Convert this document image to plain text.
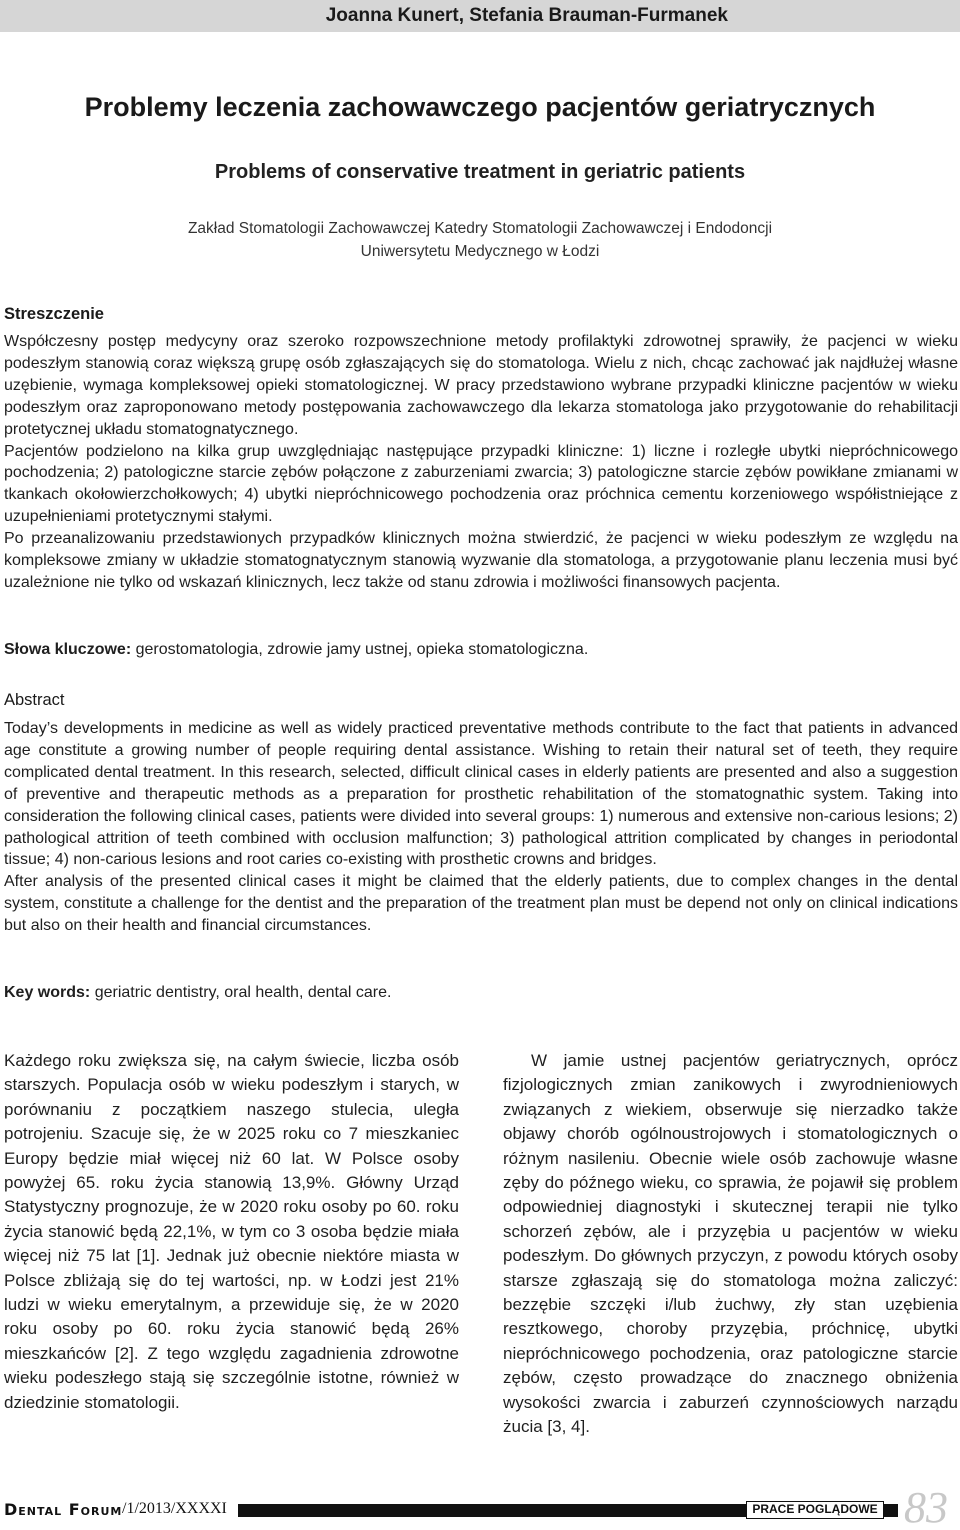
Joanna Kunert, Stefania Brauman-Furmanek
Problemy leczenia zachowawczego pacjentów geriatrycznych
Problems of conservative treatment in geriatric patients
Zakład Stomatologii Zachowawczej Katedry Stomatologii Zachowawczej i Endodoncji
Uniwersytetu Medycznego w Łodzi
Streszczenie

Współczesny postęp medycyny oraz szeroko rozpowszechnione metody profilaktyki zdrowotnej sprawiły, że pacjenci w wieku podeszłym stanowią coraz większą grupę osób zgłaszających się do stomatologa. Wielu z nich, chcąc zachować jak najdłużej własne uzębienie, wymaga kompleksowej opieki stomatologicznej. W pracy przedstawiono wybrane przypadki kliniczne pacjentów w wieku podeszłym oraz zaproponowano metody postępowania zachowawczego dla lekarza stomatologa jako przygotowanie do rehabilitacji protetycznej układu stomatognatycznego.

Pacjentów podzielono na kilka grup uwzględniając następujące przypadki kliniczne: 1) liczne i rozległe ubytki niepróchnicowego pochodzenia; 2) patologiczne starcie zębów połączone z zaburzeniami zwarcia; 3) patologiczne starcie zębów powikłane zmianami w tkankach okołowierzchołkowych; 4) ubytki niepróchnicowego pochodzenia oraz próchnica cementu korzeniowego współistniejące z uzupełnieniami protetycznymi stałymi.

Po przeanalizowaniu przedstawionych przypadków klinicznych można stwierdzić, że pacjenci w wieku podeszłym ze względu na kompleksowe zmiany w układzie stomatognatycznym stanowią wyzwanie dla stomatologa, a przygotowanie planu leczenia musi być uzależnione nie tylko od wskazań klinicznych, lecz także od stanu zdrowia i możliwości finansowych pacjenta.

Słowa kluczowe: gerostomatologia, zdrowie jamy ustnej, opieka stomatologiczna.
Abstract

Today’s developments in medicine as well as widely practiced preventative methods contribute to the fact that patients in advanced age constitute a growing number of people requiring dental assistance. Wishing to retain their natural set of teeth, they require complicated dental treatment. In this research, selected, difficult clinical cases in elderly patients are presented and also a suggestion of preventive and therapeutic methods as a preparation for prosthetic rehabilitation of the stomatognathic system. Taking into consideration the following clinical cases, patients were divided into several groups: 1) numerous and extensive non-carious lesions; 2) pathological attrition of teeth combined with occlusion malfunction; 3) pathological attrition complicated by changes in periodontal tissue; 4) non-carious lesions and root caries co-existing with prosthetic crowns and bridges.

After analysis of the presented clinical cases it might be claimed that the elderly patients, due to complex changes in the dental system, constitute a challenge for the dentist and the preparation of the treatment plan must be depend not only on clinical indications but also on their health and financial circumstances.

Key words: geriatric dentistry, oral health, dental care.
Każdego roku zwiększa się, na całym świecie, liczba osób starszych. Populacja osób w wieku podeszłym i starych, w porównaniu z początkiem naszego stulecia, uległa potrojeniu. Szacuje się, że w 2025 roku co 7 mieszkaniec Europy będzie miał więcej niż 60 lat. W Polsce osoby powyżej 65. roku życia stanowią 13,9%. Główny Urząd Statystyczny prognozuje, że w 2020 roku osoby po 60. roku życia stanowić będą 22,1%, w tym co 3 osoba będzie miała więcej niż 75 lat [1]. Jednak już obecnie niektóre miasta w Polsce zbliżają się do tej wartości, np. w Łodzi jest 21% ludzi w wieku emerytalnym, a przewiduje się, że w 2020 roku osoby po 60. roku życia stanowić będą 26% mieszkańców [2]. Z tego względu zagadnienia zdrowotne wieku podeszłego stają się szczególnie istotne, również w dziedzinie stomatologii.
W jamie ustnej pacjentów geriatrycznych, oprócz fizjologicznych zmian zanikowych i zwyrodnieniowych związanych z wiekiem, obserwuje się nierzadko także objawy chorób ogólnoustrojowych i stomatologicznych o różnym nasileniu. Obecnie wiele osób zachowuje własne zęby do późnego wieku, co sprawia, że pojawił się problem odpowiedniej diagnostyki i skutecznej terapii nie tylko schorzeń zębów, ale i przyzębia u pacjentów w wieku podeszłym. Do głównych przyczyn, z powodu których osoby starsze zgłaszają się do stomatologa można zaliczyć: bezzębie szczęki i/lub żuchwy, zły stan uzębienia resztkowego, choroby przyzębia, próchnicę, ubytki niepróchnicowego pochodzenia, oraz patologiczne starcie zębów, często prowadzące do znacznego obniżenia wysokości zwarcia i zaburzeń czynnościowych narządu żucia [3, 4].
Dental Forum /1/2013/XXXXI	PRACE POGLĄDOWE 83
